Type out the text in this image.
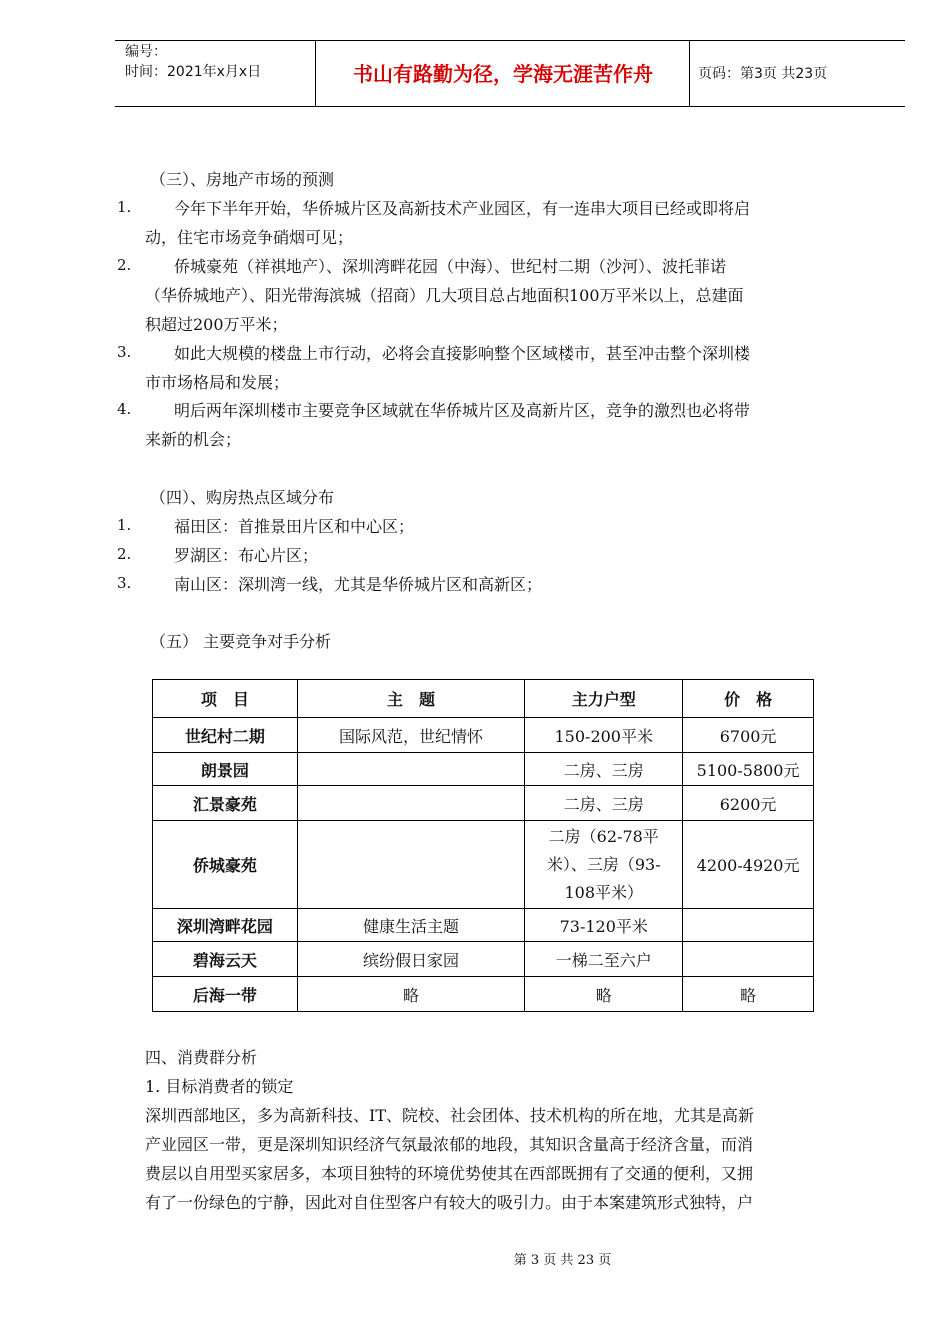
编号：
时间：2021年x月x日	书山有路勤为径，学海无涯苦作舟	页码：第3页 共23页
（三）、房地产市场的预测
1.	今年下半年开始，华侨城片区及高新技术产业园区，有一连串大项目已经或即将启
动，住宅市场竞争硝烟可见；
2.	侨城豪苑（祥祺地产）、深圳湾畔花园（中海）、世纪村二期（沙河）、波托菲诺
（华侨城地产）、阳光带海滨城（招商）几大项目总占地面积100万平米以上，总建面
积超过200万平米；
3.	如此大规模的楼盘上市行动，必将会直接影响整个区域楼市，甚至冲击整个深圳楼
市市场格局和发展；
4.	明后两年深圳楼市主要竞争区域就在华侨城片区及高新片区，竞争的激烈也必将带
来新的机会；
（四）、购房热点区域分布
1.	福田区：首推景田片区和中心区；
2.	罗湖区：布心片区；
3.	南山区：深圳湾一线，尤其是华侨城片区和高新区；
（五） 主要竞争对手分析
项　目	主　题	主力户型	价　格
世纪村二期	国际风范，世纪情怀	150-200平米	6700元
朗景园		二房、三房	5100-5800元
汇景豪苑		二房、三房	6200元
侨城豪苑		二房（62-78平米）、三房（93-108平米）	4200-4920元
深圳湾畔花园	健康生活主题	73-120平米	
碧海云天	缤纷假日家园	一梯二至六户	
后海一带	略	略	略
四、消费群分析
1. 目标消费者的锁定
深圳西部地区，多为高新科技、IT、院校、社会团体、技术机构的所在地，尤其是高新
产业园区一带，更是深圳知识经济气氛最浓郁的地段，其知识含量高于经济含量，而消
费层以自用型买家居多，本项目独特的环境优势使其在西部既拥有了交通的便利，又拥
有了一份绿色的宁静，因此对自住型客户有较大的吸引力。由于本案建筑形式独特，户
第 3 页 共 23 页
